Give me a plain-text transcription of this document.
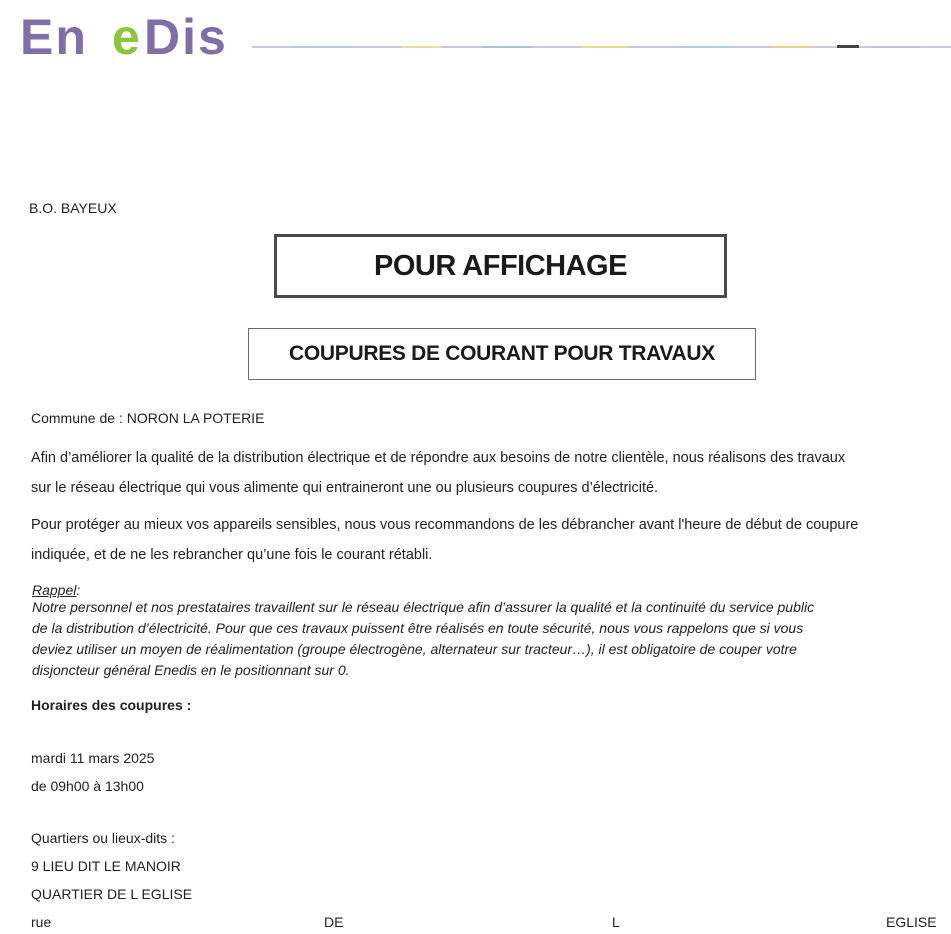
En e Dis
B.O. BAYEUX
POUR AFFICHAGE
COUPURES DE COURANT POUR TRAVAUX
Commune de : NORON LA POTERIE
Afin d’améliorer la qualité de la distribution électrique et de répondre aux besoins de notre clientèle, nous réalisons des travaux
sur le réseau électrique qui vous alimente qui entraineront une ou plusieurs coupures d’électricité.
Pour protéger au mieux vos appareils sensibles, nous vous recommandons de les débrancher avant l'heure de début de coupure
indiquée, et de ne les rebrancher qu’une fois le courant rétabli.
Rappel:
Notre personnel et nos prestataires travaillent sur le réseau électrique afin d’assurer la qualité et la continuité du service public
de la distribution d’électricité. Pour que ces travaux puissent être réalisés en toute sécurité, nous vous rappelons que si vous
deviez utiliser un moyen de réalimentation (groupe électrogène, alternateur sur tracteur…), il est obligatoire de couper votre
disjoncteur général Enedis en le positionnant sur 0.
Horaires des coupures :
mardi 11 mars 2025
de 09h00 à 13h00
Quartiers ou lieux-dits :
9 LIEU DIT LE MANOIR
QUARTIER DE L EGLISE
rue	DE	L	EGLISE
